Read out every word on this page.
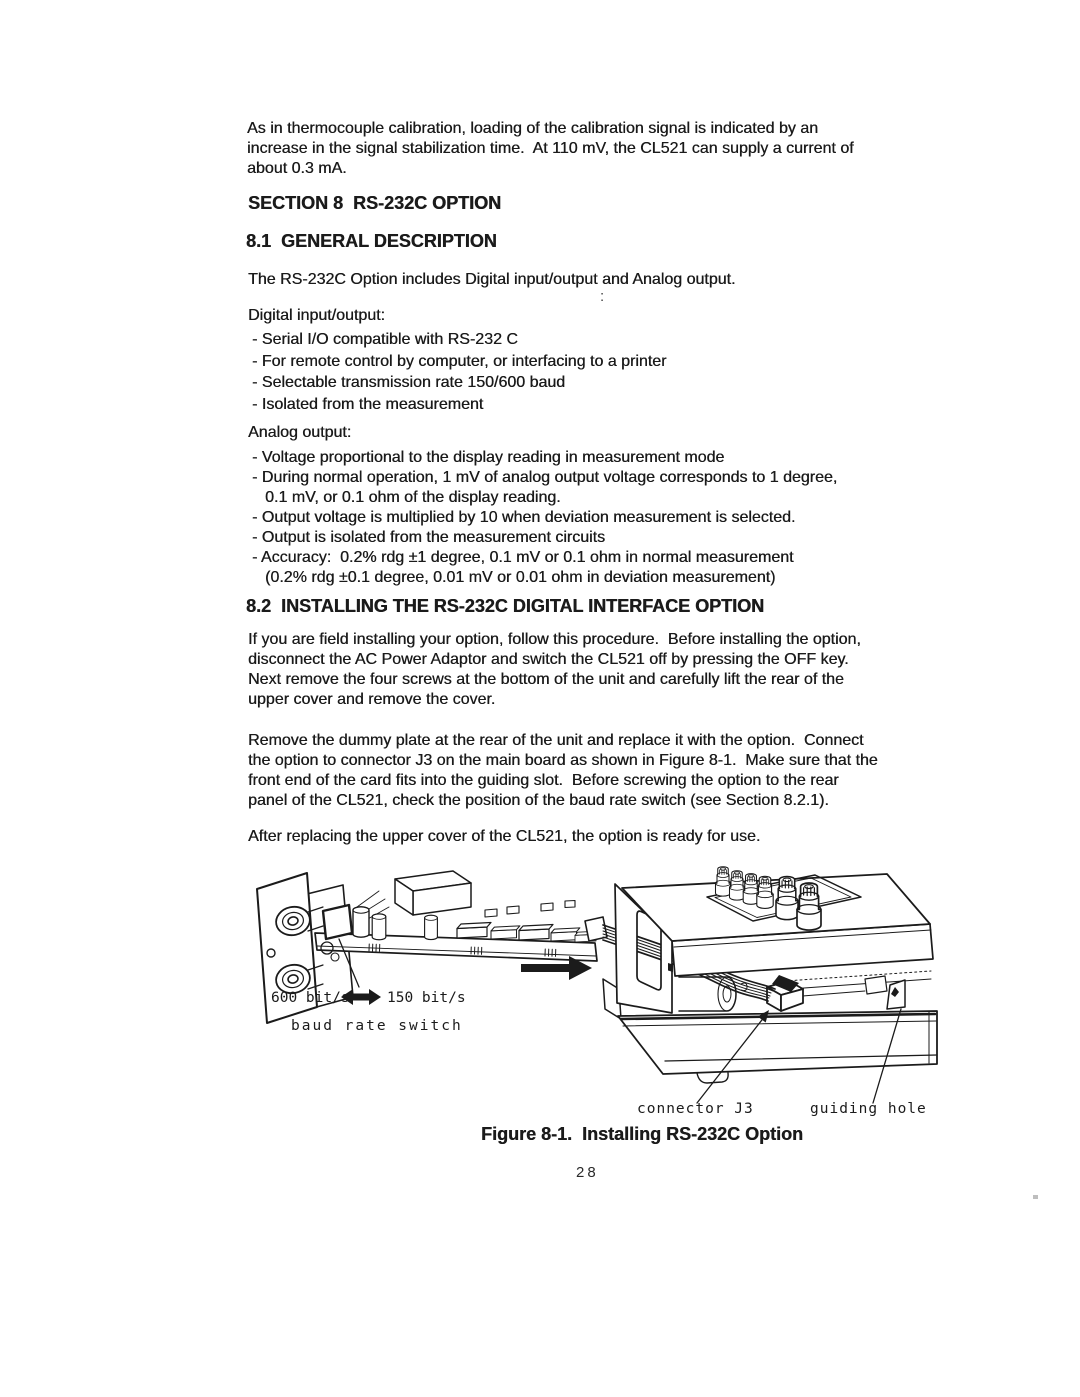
As in thermocouple calibration, loading of the calibration signal is indicated by an
increase in the signal stabilization time.  At 110 mV, the CL521 can supply a current of
about 0.3 mA.
SECTION 8  RS-232C OPTION
8.1  GENERAL DESCRIPTION
The RS-232C Option includes Digital input/output and Analog output.
:
Digital input/output:
- Serial I/O compatible with RS-232 C
- For remote control by computer, or interfacing to a printer
- Selectable transmission rate 150/600 baud
- Isolated from the measurement
Analog output:
- Voltage proportional to the display reading in measurement mode
- During normal operation, 1 mV of analog output voltage corresponds to 1 degree,
0.1 mV, or 0.1 ohm of the display reading.
- Output voltage is multiplied by 10 when deviation measurement is selected.
- Output is isolated from the measurement circuits
- Accuracy:  0.2% rdg ±1 degree, 0.1 mV or 0.1 ohm in normal measurement
(0.2% rdg ±0.1 degree, 0.01 mV or 0.01 ohm in deviation measurement)
8.2  INSTALLING THE RS-232C DIGITAL INTERFACE OPTION
If you are field installing your option, follow this procedure.  Before installing the option,
disconnect the AC Power Adaptor and switch the CL521 off by pressing the OFF key.
Next remove the four screws at the bottom of the unit and carefully lift the rear of the
upper cover and remove the cover.
Remove the dummy plate at the rear of the unit and replace it with the option.  Connect
the option to connector J3 on the main board as shown in Figure 8-1.  Make sure that the
front end of the card fits into the guiding slot.  Before screwing the option to the rear
panel of the CL521, check the position of the baud rate switch (see Section 8.2.1).
After replacing the upper cover of the CL521, the option is ready for use.
600 bit/s	150 bit/s
baud rate switch
connector J3	guiding hole
Figure 8-1.  Installing RS-232C Option
28
